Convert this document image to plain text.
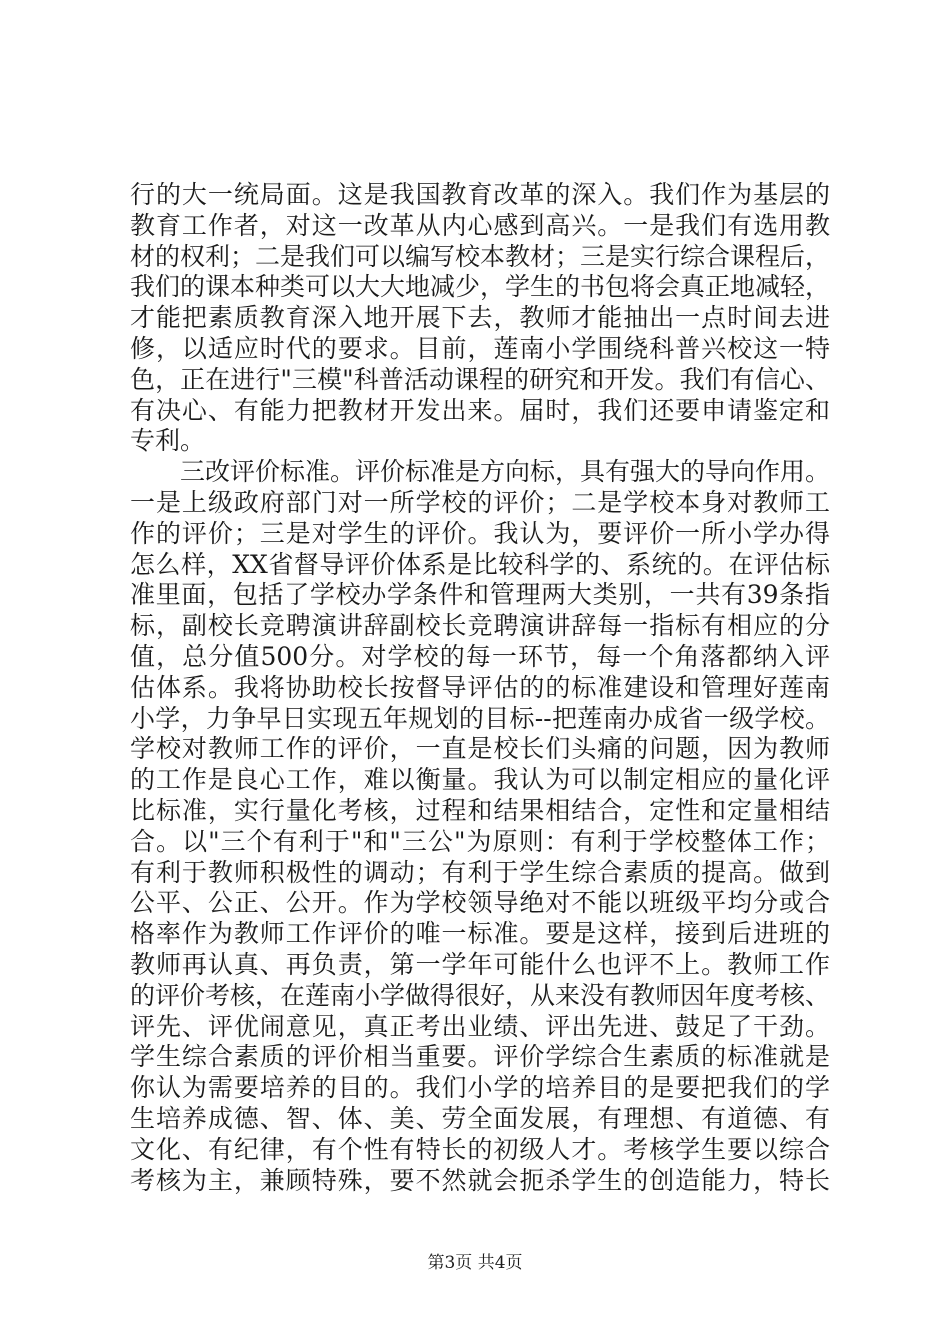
行的大一统局面。这是我国教育改革的深入。我们作为基层的
教育工作者，对这一改革从内心感到高兴。一是我们有选用教
材的权利；二是我们可以编写校本教材；三是实行综合课程后，
我们的课本种类可以大大地减少，学生的书包将会真正地减轻，
才能把素质教育深入地开展下去，教师才能抽出一点时间去进
修，以适应时代的要求。目前，莲南小学围绕科普兴校这一特
色，正在进行"三模"科普活动课程的研究和开发。我们有信心、
有决心、有能力把教材开发出来。届时，我们还要申请鉴定和
专利。
三改评价标准。评价标准是方向标，具有强大的导向作用。
一是上级政府部门对一所学校的评价；二是学校本身对教师工
作的评价；三是对学生的评价。我认为，要评价一所小学办得
怎么样，XX省督导评价体系是比较科学的、系统的。在评估标
准里面，包括了学校办学条件和管理两大类别，一共有39条指
标，副校长竞聘演讲辞副校长竞聘演讲辞每一指标有相应的分
值，总分值500分。对学校的每一环节，每一个角落都纳入评
估体系。我将协助校长按督导评估的的标准建设和管理好莲南
小学，力争早日实现五年规划的目标--把莲南办成省一级学校。
学校对教师工作的评价，一直是校长们头痛的问题，因为教师
的工作是良心工作，难以衡量。我认为可以制定相应的量化评
比标准，实行量化考核，过程和结果相结合，定性和定量相结
合。以"三个有利于"和"三公"为原则：有利于学校整体工作；
有利于教师积极性的调动；有利于学生综合素质的提高。做到
公平、公正、公开。作为学校领导绝对不能以班级平均分或合
格率作为教师工作评价的唯一标准。要是这样，接到后进班的
教师再认真、再负责，第一学年可能什么也评不上。教师工作
的评价考核，在莲南小学做得很好，从来没有教师因年度考核、
评先、评优闹意见，真正考出业绩、评出先进、鼓足了干劲。
学生综合素质的评价相当重要。评价学综合生素质的标准就是
你认为需要培养的目的。我们小学的培养目的是要把我们的学
生培养成德、智、体、美、劳全面发展，有理想、有道德、有
文化、有纪律，有个性有特长的初级人才。考核学生要以综合
考核为主，兼顾特殊，要不然就会扼杀学生的创造能力，特长
第3页 共4页
